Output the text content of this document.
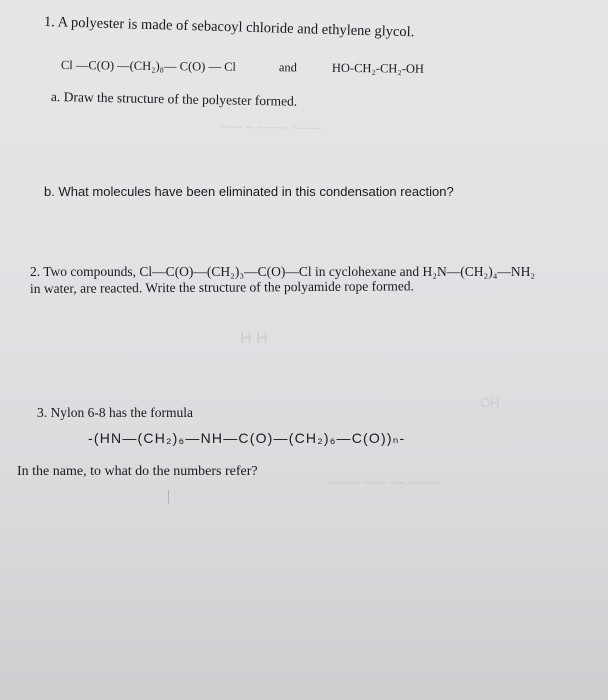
~~~ ~ ~~~~ ~~~~
H H
OH
~~~~ ~~~ ~~ ~~~~
1. A polyester is made of sebacoyl chloride and ethylene glycol.
Cl —C(O) —(CH₂)₈— C(O) — Cl	and	HO-CH₂-CH₂-OH
a. Draw the structure of the polyester formed.
b. What molecules have been eliminated in this condensation reaction?
2. Two compounds, Cl—C(O)—(CH₂)₃—C(O)—Cl in cyclohexane and H₂N—(CH₂)₄—NH₂
in water, are reacted. Write the structure of the polyamide rope formed.
3. Nylon 6-8 has the formula
-(HN—(CH₂)₆—NH—C(O)—(CH₂)₆—C(O))ₙ-
In the name, to what do the numbers refer?
